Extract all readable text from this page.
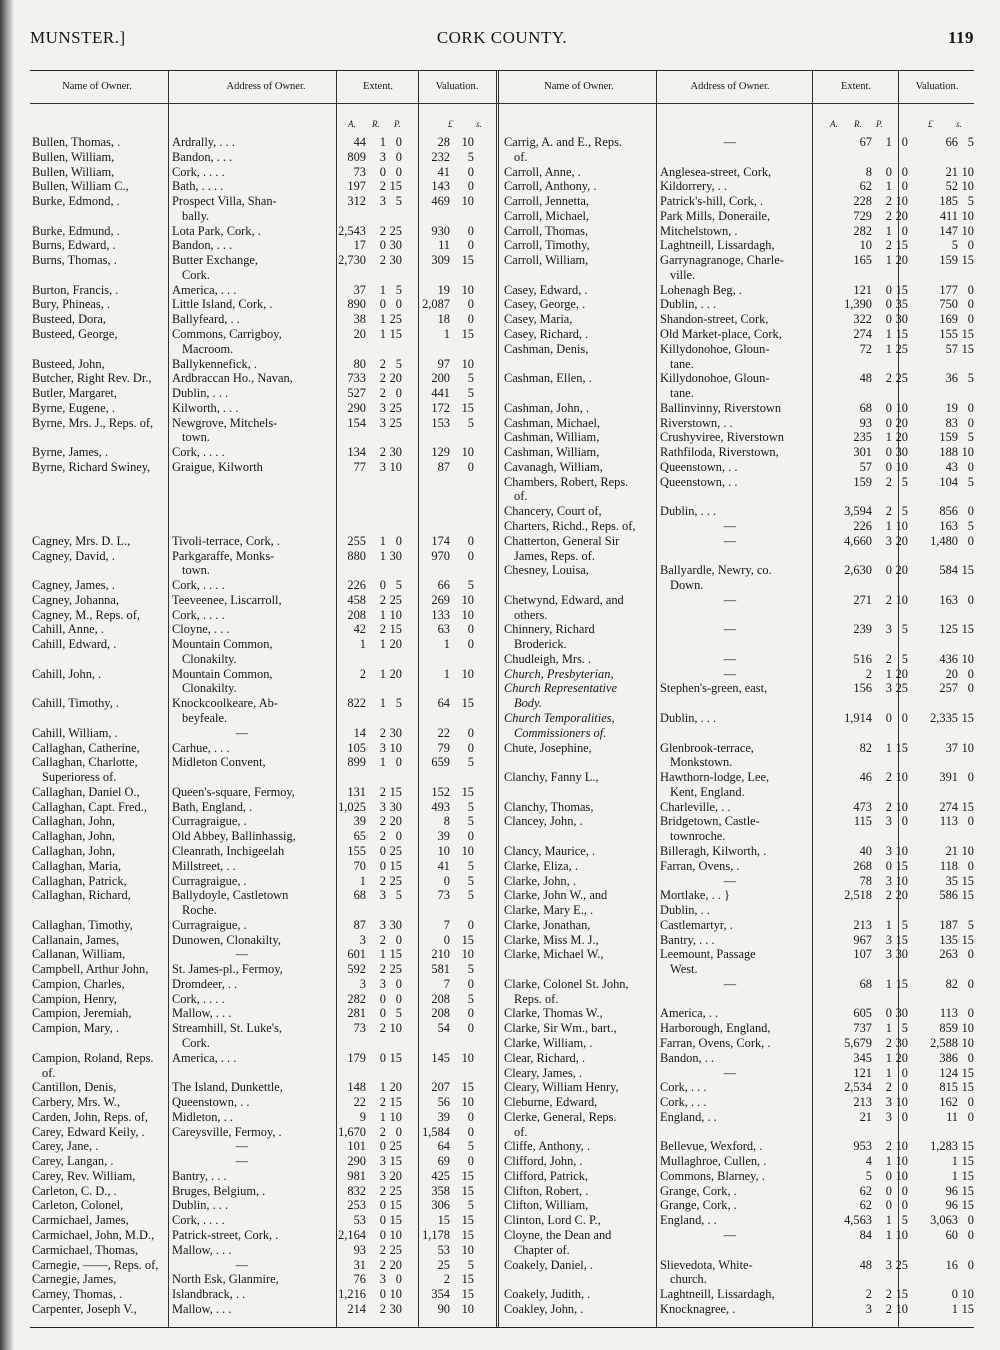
MUNSTER.]	CORK COUNTY.	119
Name of Owner.	Address of Owner.	Extent.	Valuation.	Name of Owner.	Address of Owner.	Extent.	Valuation.
A. R. P.	£	s.	A. R. P.	£	s.
Bullen, Thomas, .	Ardrally, . . .	44	1 0	28 10
Bullen, William,	Bandon, . . .	809	3 0	232	5
Bullen, William,	Cork, . . . .	73	0 0	41	0
Bullen, William C.,	Bath, . . . .	197	2 15	143	0
Burke, Edmond, .	Prospect Villa, Shan-	312	3 5	469 10
bally.
Burke, Edmund, .	Lota Park, Cork, .	2,543	2 25	930	0
Burns, Edward, .	Bandon, . . .	17	0 30	11	0
Burns, Thomas, .	Butter Exchange,	2,730	2 30	309 15
Cork.
Burton, Francis, .	America, . . .	37	1 5	19 10
Bury, Phineas, .	Little Island, Cork, .	890	0 0	2,087	0
Busteed, Dora,	Ballyfeard, . .	38	1 25	18	0
Busteed, George,	Commons, Carrigboy,	20	1 15	1 15
Macroom.
Busteed, John,	Ballykennefick, .	80	2 5	97 10
Butcher, Right Rev. Dr.,	Ardbraccan Ho., Navan,	733	2 20	200	5
Butler, Margaret,	Dublin, . . .	527	2 0	441	5
Byrne, Eugene, .	Kilworth, . . .	290	3 25	172 15
Byrne, Mrs. J., Reps. of,	Newgrove, Mitchels-	154	3 25	153	5
town.
Byrne, James, .	Cork, . . . .	134	2 30	129 10
Byrne, Richard Swiney,	Graigue, Kilworth	77	3 10	87	0
Cagney, Mrs. D. L.,	Tivoli-terrace, Cork, .	255	1 0	174	0
Cagney, David, .	Parkgaraffe, Monks-	880	1 30	970	0
town.
Cagney, James, .	Cork, . . . .	226	0 5	66	5
Cagney, Johanna,	Teeveenee, Liscarroll,	458	2 25	269 10
Cagney, M., Reps. of,	Cork, . . . .	208	1 10	133 10
Cahill, Anne, .	Cloyne, . . .	42	2 15	63	0
Cahill, Edward, .	Mountain Common,	1	1 20	1	0
Clonakilty.
Cahill, John, .	Mountain Common,	2	1 20	1 10
Clonakilty.
Cahill, Timothy, .	Knockcoolkeare, Ab-	822	1 5	64 15
beyfeale.
Cahill, William, .	—	14	2 30	22	0
Callaghan, Catherine,	Carhue, . . .	105	3 10	79	0
Callaghan, Charlotte,	Midleton Convent,	899	1 0	659	5
Superioress of.
Callaghan, Daniel O.,	Queen's-square, Fermoy,	131	2 15	152 15
Callaghan, Capt. Fred.,	Bath, England, .	1,025	3 30	493	5
Callaghan, John,	Curragraigue, .	39	2 20	8	5
Callaghan, John,	Old Abbey, Ballinhassig,	65	2 0	39	0
Callaghan, John,	Cleanrath, Inchigeelah	155	0 25	10 10
Callaghan, Maria,	Millstreet, . .	70	0 15	41	5
Callaghan, Patrick,	Curragraigue, .	1	2 25	0	5
Callaghan, Richard,	Ballydoyle, Castletown	68	3 5	73	5
Roche.
Callaghan, Timothy,	Curragraigue, .	87	3 30	7	0
Callanain, James,	Dunowen, Clonakilty,	3	2 0	0 15
Callanan, William,	—	601	1 15	210 10
Campbell, Arthur John,	St. James-pl., Fermoy,	592	2 25	581	5
Campion, Charles,	Dromdeer, . .	3	3 0	7	0
Campion, Henry,	Cork, . . . .	282	0 0	208	5
Campion, Jeremiah,	Mallow, . . .	281	0 5	208	0
Campion, Mary, .	Streamhill, St. Luke's,	73	2 10	54	0
Cork.
Campion, Roland, Reps.	America, . . .	179	0 15	145 10
of.
Cantillon, Denis,	The Island, Dunkettle,	148	1 20	207 15
Carbery, Mrs. W.,	Queenstown, . .	22	2 15	56 10
Carden, John, Reps. of,	Midleton, . .	9	1 10	39	0
Carey, Edward Keily, .	Careysville, Fermoy, .	1,670	2 0	1,584	0
Carey, Jane, .	—	101	0 25	64	5
Carey, Langan, .	—	290	3 15	69	0
Carey, Rev. William,	Bantry, . . .	981	3 20	425 15
Carleton, C. D., .	Bruges, Belgium, .	832	2 25	358 15
Carleton, Colonel,	Dublin, . . .	253	0 15	306	5
Carmichael, James,	Cork, . . . .	53	0 15	15 15
Carmichael, John, M.D.,	Patrick-street, Cork, .	2,164	0 10	1,178 15
Carmichael, Thomas,	Mallow, . . .	93	2 25	53 10
Carnegie, ——, Reps. of,	—	31	2 20	25	5
Carnegie, James,	North Esk, Glanmire,	76	3 0	2 15
Carney, Thomas, .	Islandbrack, . .	1,216	0 10	354 15
Carpenter, Joseph V.,	Mallow, . . .	214	2 30	90 10
Carrig, A. and E., Reps.	—	67	1 0	66 5
of.
Carroll, Anne, .	Anglesea-street, Cork,	8	0 0	21 10
Carroll, Anthony, .	Kildorrery, . .	62	1 0	52 10
Carroll, Jennetta,	Patrick's-hill, Cork, .	228	2 10	185 5
Carroll, Michael,	Park Mills, Doneraile,	729	2 20	411 10
Carroll, Thomas,	Mitchelstown, .	282	1 0	147 10
Carroll, Timothy,	Laghtneill, Lissardagh,	10	2 15	5 0
Carroll, William,	Garrynagranoge, Charle-	165	1 20	159 15
ville.
Casey, Edward, .	Lohenagh Beg, .	121	0 15	177 0
Casey, George, .	Dublin, . . .	1,390	0 35	750 0
Casey, Maria,	Shandon-street, Cork,	322	0 30	169 0
Casey, Richard, .	Old Market-place, Cork,	274	1 15	155 15
Cashman, Denis,	Killydonohoe, Gloun-	72	1 25	57 15
tane.
Cashman, Ellen, .	Killydonohoe, Gloun-	48	2 25	36 5
tane.
Cashman, John, .	Ballinvinny, Riverstown	68	0 10	19 0
Cashman, Michael,	Riverstown, . .	93	0 20	83 0
Cashman, William,	Crushyviree, Riverstown	235	1 20	159 5
Cashman, William,	Rathfiloda, Riverstown,	301	0 30	188 10
Cavanagh, William,	Queenstown, . .	57	0 10	43 0
Chambers, Robert, Reps.	Queenstown, . .	159	2 5	104 5
of.
Chancery, Court of,	Dublin, . . .	3,594	2 5	856 0
Charters, Richd., Reps. of,	—	226	1 10	163 5
Chatterton, General Sir	—	4,660	3 20	1,480 0
James, Reps. of.
Chesney, Louisa,	Ballyardle, Newry, co.	2,630	0 20	584 15
Down.
Chetwynd, Edward, and	—	271	2 10	163 0
others.
Chinnery, Richard	—	239	3 5	125 15
Broderick.
Chudleigh, Mrs. .	—	516	2 5	436 10
Church, Presbyterian,	—	2	1 20	20 0
Church Representative	Stephen's-green, east,	156	3 25	257 0
Body.
Church Temporalities,	Dublin, . . .	1,914	0 0	2,335 15
Commissioners of.
Chute, Josephine,	Glenbrook-terrace,	82	1 15	37 10
Monkstown.
Clanchy, Fanny L.,	Hawthorn-lodge, Lee,	46	2 10	391 0
Kent, England.
Clanchy, Thomas,	Charleville, . .	473	2 10	274 15
Clancey, John, .	Bridgetown, Castle-	115	3 0	113 0
townroche.
Clancy, Maurice, .	Billeragh, Kilworth, .	40	3 10	21 10
Clarke, Eliza, .	Farran, Ovens, .	268	0 15	118 0
Clarke, John, .	—	78	3 10	35 15
Clarke, John W., and	Mortlake, . . }	2,518	2 20	586 15
Clarke, Mary E., .	Dublin, . .
Clarke, Jonathan,	Castlemartyr, .	213	1 5	187 5
Clarke, Miss M. J.,	Bantry, . . .	967	3 15	135 15
Clarke, Michael W.,	Leemount, Passage	107	3 30	263 0
West.
Clarke, Colonel St. John,	—	68	1 15	82 0
Reps. of.
Clarke, Thomas W.,	America, . .	605	0 30	113 0
Clarke, Sir Wm., bart.,	Harborough, England,	737	1 5	859 10
Clarke, William, .	Farran, Ovens, Cork, .	5,679	2 30	2,588 10
Clear, Richard, .	Bandon, . .	345	1 20	386 0
Cleary, James, .	—	121	1 0	124 15
Cleary, William Henry,	Cork, . . .	2,534	2 0	815 15
Cleburne, Edward,	Cork, . . .	213	3 10	162 0
Clerke, General, Reps.	England, . .	21	3 0	11 0
of.
Cliffe, Anthony, .	Bellevue, Wexford, .	953	2 10	1,283 15
Clifford, John, .	Mullaghroe, Cullen, .	4	1 10	1 15
Clifford, Patrick,	Commons, Blarney, .	5	0 10	1 15
Clifton, Robert, .	Grange, Cork, .	62	0 0	96 15
Clifton, William,	Grange, Cork, .	62	0 0	96 15
Clinton, Lord C. P.,	England, . .	4,563	1 5	3,063 0
Cloyne, the Dean and	—	84	1 10	60 0
Chapter of.
Coakely, Daniel, .	Slievedota, White-	48	3 25	16 0
church.
Coakely, Judith, .	Laghtneill, Lissardagh,	2	2 15	0 10
Coakley, John, .	Knocknagree, .	3	2 10	1 15
